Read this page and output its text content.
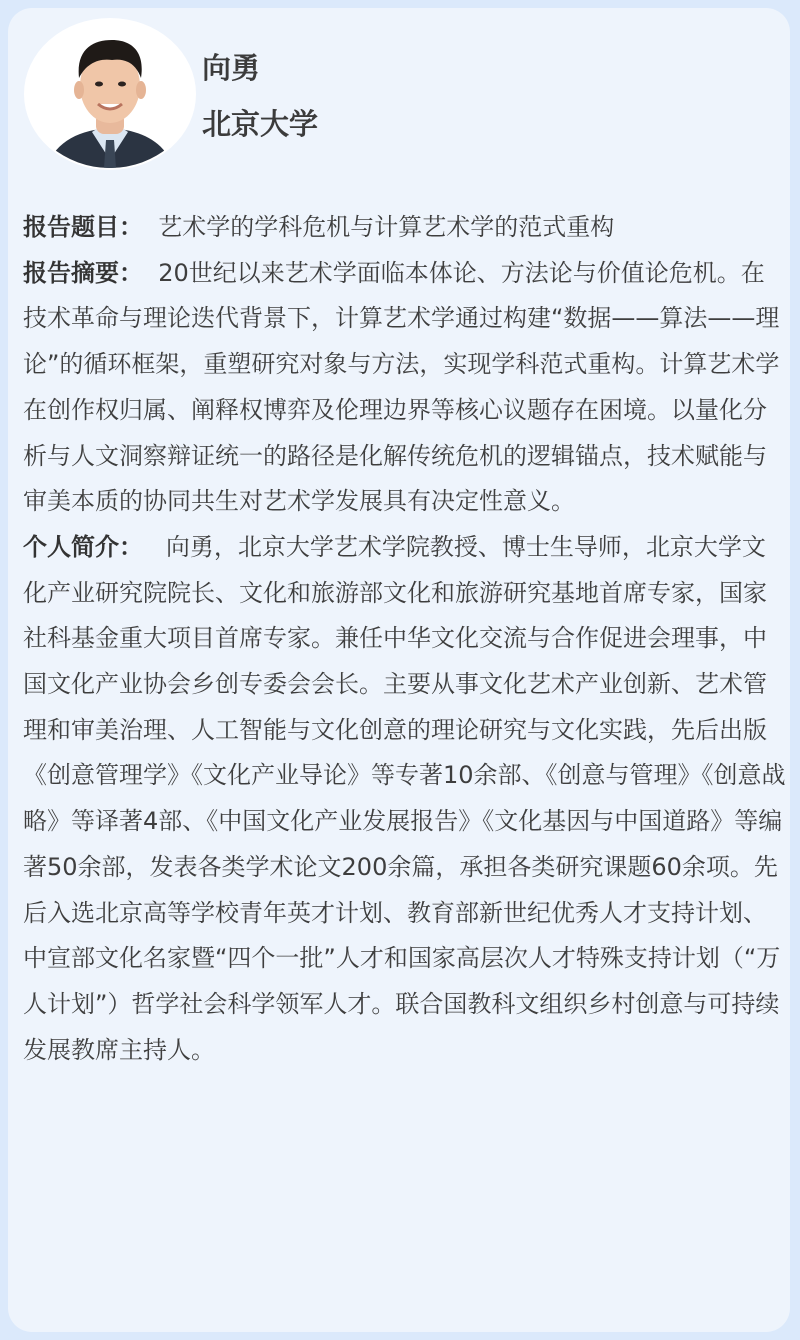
向勇
北京大学

报告题目： 艺术学的学科危机与计算艺术学的范式重构

报告摘要： 20世纪以来艺术学面临本体论、方法论与价值论危机。在技术革命与理论迭代背景下，计算艺术学通过构建“数据——算法——理论”的循环框架，重塑研究对象与方法，实现学科范式重构。计算艺术学在创作权归属、阐释权博弈及伦理边界等核心议题存在困境。以量化分析与人文洞察辩证统一的路径是化解传统危机的逻辑锚点，技术赋能与审美本质的协同共生对艺术学发展具有决定性意义。

个人简介： 向勇，北京大学艺术学院教授、博士生导师，北京大学文化产业研究院院长、文化和旅游部文化和旅游研究基地首席专家，国家社科基金重大项目首席专家。兼任中华文化交流与合作促进会理事，中国文化产业协会乡创专委会会长。主要从事文化艺术产业创新、艺术管理和审美治理、人工智能与文化创意的理论研究与文化实践，先后出版《创意管理学》《文化产业导论》等专著10余部、《创意与管理》《创意战略》等译著4部、《中国文化产业发展报告》《文化基因与中国道路》等编著50余部，发表各类学术论文200余篇，承担各类研究课题60余项。先后入选北京高等学校青年英才计划、教育部新世纪优秀人才支持计划、中宣部文化名家暨“四个一批”人才和国家高层次人才特殊支持计划（“万人计划”）哲学社会科学领军人才。联合国教科文组织乡村创意与可持续发展教席主持人。
